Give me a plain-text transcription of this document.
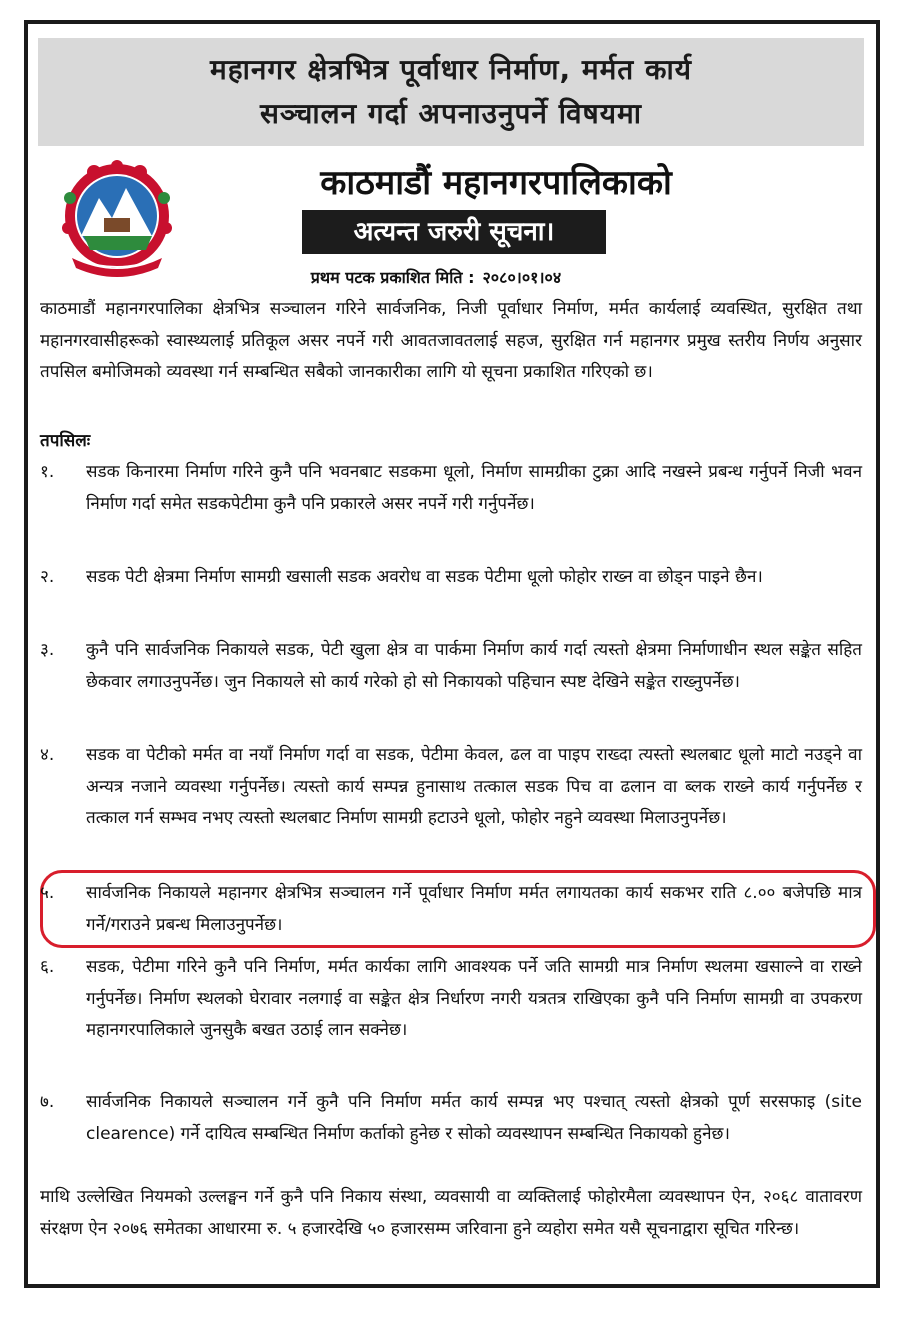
महानगर क्षेत्रभित्र पूर्वाधार निर्माण, मर्मत कार्य
सञ्चालन गर्दा अपनाउनुपर्ने विषयमा
काठमाडौं महानगरपालिकाको
अत्यन्त जरुरी सूचना।
प्रथम पटक प्रकाशित मिति : २०८०।०१।०४
काठमाडौं महानगरपालिका क्षेत्रभित्र सञ्चालन गरिने सार्वजनिक, निजी पूर्वाधार निर्माण, मर्मत कार्यलाई व्यवस्थित, सुरक्षित तथा महानगरवासीहरूको स्वास्थ्यलाई प्रतिकूल असर नपर्ने गरी आवतजावतलाई सहज, सुरक्षित गर्न महानगर प्रमुख स्तरीय निर्णय अनुसार तपसिल बमोजिमको व्यवस्था गर्न सम्बन्धित सबैको जानकारीका लागि यो सूचना प्रकाशित गरिएको छ।
तपसिलः
१.	सडक किनारमा निर्माण गरिने कुनै पनि भवनबाट सडकमा धूलो, निर्माण सामग्रीका टुक्रा आदि नखस्ने प्रबन्ध गर्नुपर्ने निजी भवन निर्माण गर्दा समेत सडकपेटीमा कुनै पनि प्रकारले असर नपर्ने गरी गर्नुपर्नेछ।
२.	सडक पेटी क्षेत्रमा निर्माण सामग्री खसाली सडक अवरोध वा सडक पेटीमा धूलो फोहोर राख्न वा छोड्न पाइने छैन।
३.	कुनै पनि सार्वजनिक निकायले सडक, पेटी खुला क्षेत्र वा पार्कमा निर्माण कार्य गर्दा त्यस्तो क्षेत्रमा निर्माणाधीन स्थल सङ्केत सहित छेकवार लगाउनुपर्नेछ। जुन निकायले सो कार्य गरेको हो सो निकायको पहिचान स्पष्ट देखिने सङ्केत राख्नुपर्नेछ।
४.	सडक वा पेटीको मर्मत वा नयाँ निर्माण गर्दा वा सडक, पेटीमा केवल, ढल वा पाइप राख्दा त्यस्तो स्थलबाट धूलो माटो नउड्ने वा अन्यत्र नजाने व्यवस्था गर्नुपर्नेछ। त्यस्तो कार्य सम्पन्न हुनासाथ तत्काल सडक पिच वा ढलान वा ब्लक राख्ने कार्य गर्नुपर्नेछ र तत्काल गर्न सम्भव नभए त्यस्तो स्थलबाट निर्माण सामग्री हटाउने धूलो, फोहोर नहुने व्यवस्था मिलाउनुपर्नेछ।
५.	सार्वजनिक निकायले महानगर क्षेत्रभित्र सञ्चालन गर्ने पूर्वाधार निर्माण मर्मत लगायतका कार्य सकभर राति ८.०० बजेपछि मात्र गर्ने/गराउने प्रबन्ध मिलाउनुपर्नेछ।
६.	सडक, पेटीमा गरिने कुनै पनि निर्माण, मर्मत कार्यका लागि आवश्यक पर्ने जति सामग्री मात्र निर्माण स्थलमा खसाल्ने वा राख्ने गर्नुपर्नेछ। निर्माण स्थलको घेरावार नलगाई वा सङ्केत क्षेत्र निर्धारण नगरी यत्रतत्र राखिएका कुनै पनि निर्माण सामग्री वा उपकरण महानगरपालिकाले जुनसुकै बखत उठाई लान सक्नेछ।
७.	सार्वजनिक निकायले सञ्चालन गर्ने कुनै पनि निर्माण मर्मत कार्य सम्पन्न भए पश्चात् त्यस्तो क्षेत्रको पूर्ण सरसफाइ (site clearence) गर्ने दायित्व सम्बन्धित निर्माण कर्ताको हुनेछ र सोको व्यवस्थापन सम्बन्धित निकायको हुनेछ।
माथि उल्लेखित नियमको उल्लङ्घन गर्ने कुनै पनि निकाय संस्था, व्यवसायी वा व्यक्तिलाई फोहोरमैला व्यवस्थापन ऐन, २०६८ वातावरण संरक्षण ऐन २०७६ समेतका आधारमा रु. ५ हजारदेखि ५० हजारसम्म जरिवाना हुने व्यहोरा समेत यसै सूचनाद्वारा सूचित गरिन्छ।
